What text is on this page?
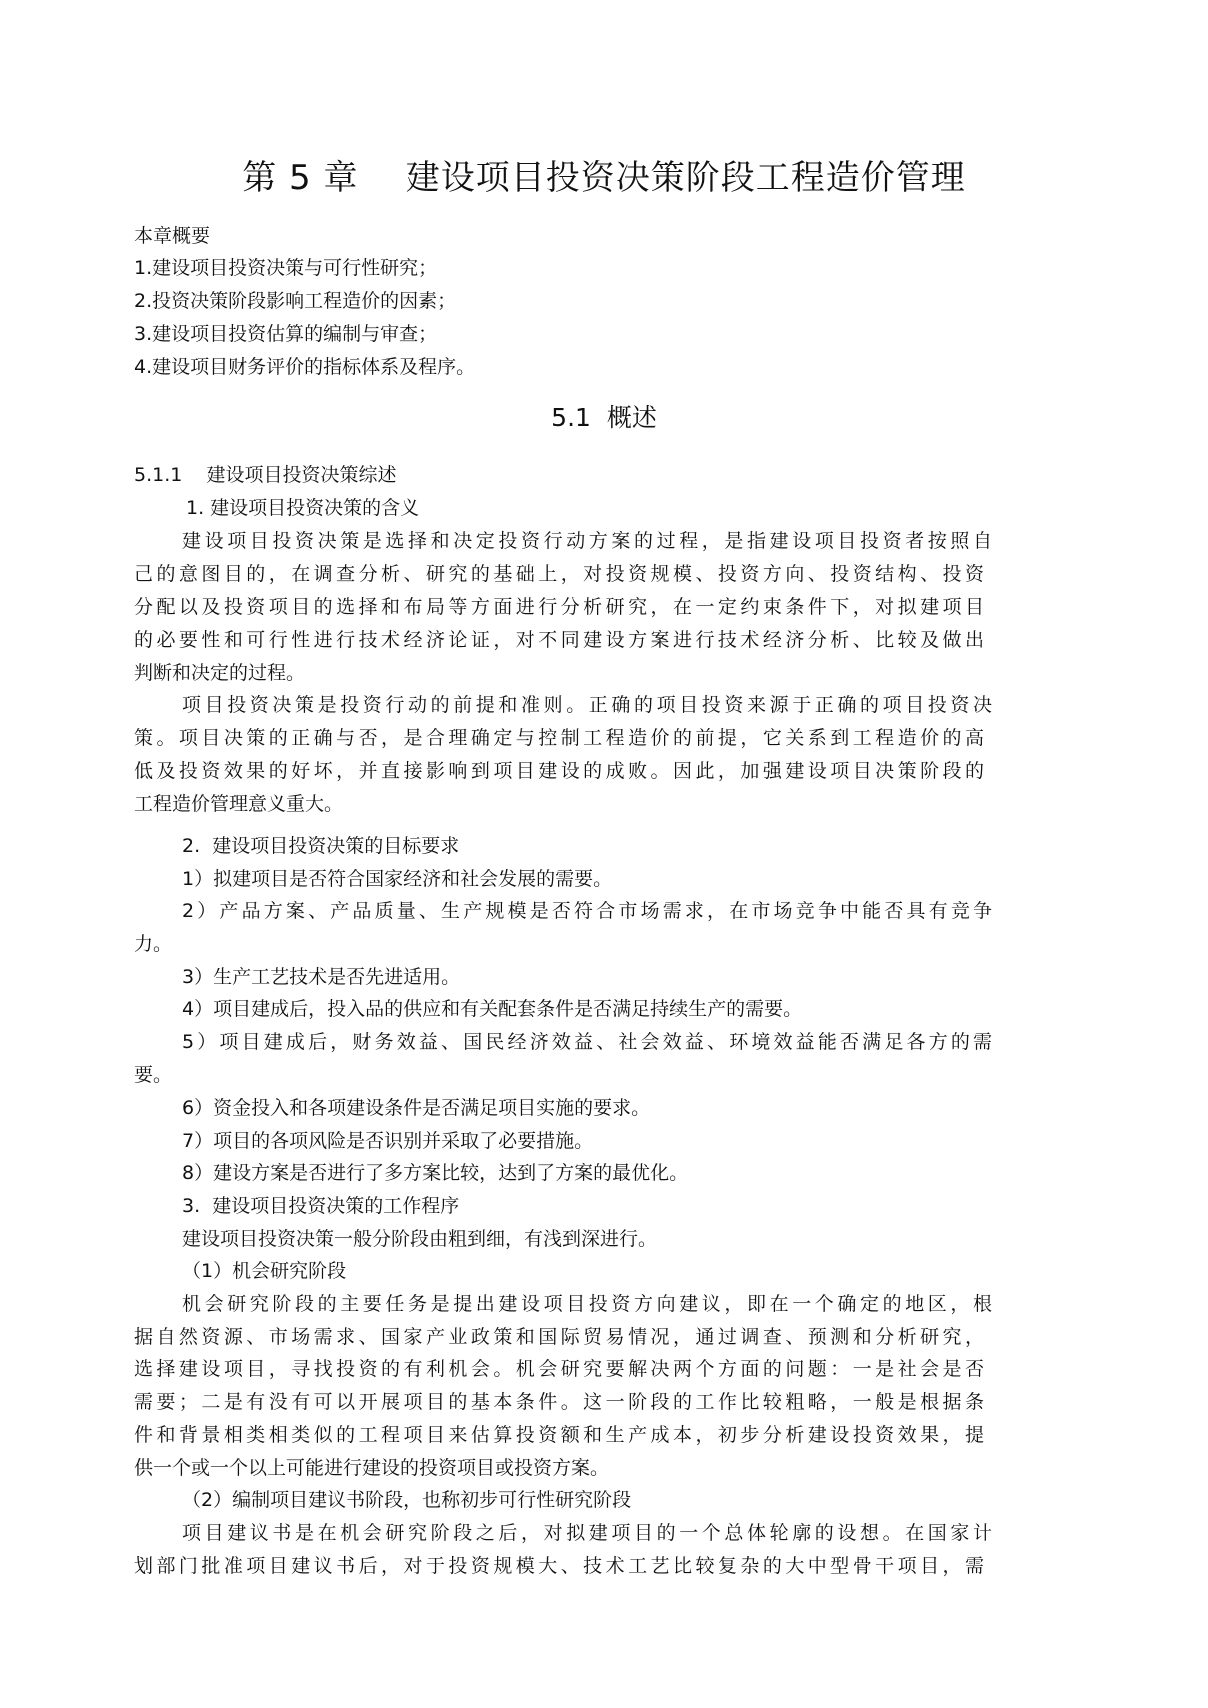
第 5 章    建设项目投资决策阶段工程造价管理
本章概要
1.建设项目投资决策与可行性研究；
2.投资决策阶段影响工程造价的因素；
3.建设项目投资估算的编制与审查；
4.建设项目财务评价的指标体系及程序。
5.1  概述
5.1.1    建设项目投资决策综述
1. 建设项目投资决策的含义
建设项目投资决策是选择和决定投资行动方案的过程，是指建设项目投资者按照自
己的意图目的，在调查分析、研究的基础上，对投资规模、投资方向、投资结构、投资
分配以及投资项目的选择和布局等方面进行分析研究，在一定约束条件下，对拟建项目
的必要性和可行性进行技术经济论证，对不同建设方案进行技术经济分析、比较及做出
判断和决定的过程。
项目投资决策是投资行动的前提和准则。正确的项目投资来源于正确的项目投资决
策。项目决策的正确与否，是合理确定与控制工程造价的前提，它关系到工程造价的高
低及投资效果的好坏，并直接影响到项目建设的成败。因此，加强建设项目决策阶段的
工程造价管理意义重大。
2.  建设项目投资决策的目标要求
1）拟建项目是否符合国家经济和社会发展的需要。
2）产品方案、产品质量、生产规模是否符合市场需求，在市场竞争中能否具有竞争
力。
3）生产工艺技术是否先进适用。
4）项目建成后，投入品的供应和有关配套条件是否满足持续生产的需要。
5）项目建成后，财务效益、国民经济效益、社会效益、环境效益能否满足各方的需
要。
6）资金投入和各项建设条件是否满足项目实施的要求。
7）项目的各项风险是否识别并采取了必要措施。
8）建设方案是否进行了多方案比较，达到了方案的最优化。
3.  建设项目投资决策的工作程序
建设项目投资决策一般分阶段由粗到细，有浅到深进行。
（1）机会研究阶段
机会研究阶段的主要任务是提出建设项目投资方向建议，即在一个确定的地区，根
据自然资源、市场需求、国家产业政策和国际贸易情况，通过调查、预测和分析研究，
选择建设项目，寻找投资的有利机会。机会研究要解决两个方面的问题：一是社会是否
需要；二是有没有可以开展项目的基本条件。这一阶段的工作比较粗略，一般是根据条
件和背景相类相类似的工程项目来估算投资额和生产成本，初步分析建设投资效果，提
供一个或一个以上可能进行建设的投资项目或投资方案。
（2）编制项目建议书阶段，也称初步可行性研究阶段
项目建议书是在机会研究阶段之后，对拟建项目的一个总体轮廓的设想。在国家计
划部门批准项目建议书后，对于投资规模大、技术工艺比较复杂的大中型骨干项目，需
